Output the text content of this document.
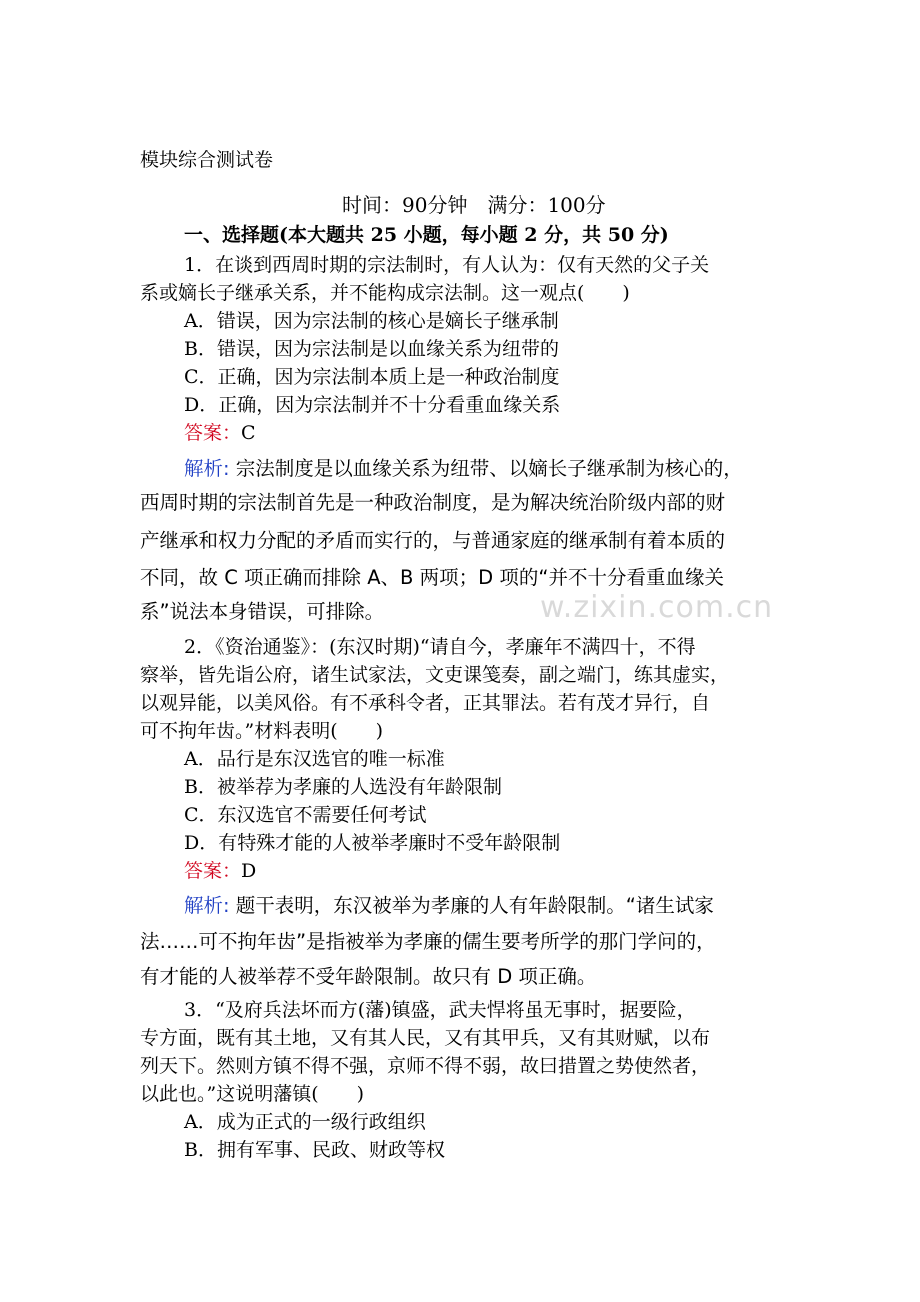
模块综合测试卷
时间：90分钟　满分：100分
一、选择题(本大题共 25 小题，每小题 2 分，共 50 分)
1．在谈到西周时期的宗法制时，有人认为：仅有天然的父子关
系或嫡长子继承关系，并不能构成宗法制。这一观点(　　)
A．错误，因为宗法制的核心是嫡长子继承制
B．错误，因为宗法制是以血缘关系为纽带的
C．正确，因为宗法制本质上是一种政治制度
D．正确，因为宗法制并不十分看重血缘关系
答案：C
解析: 宗法制度是以血缘关系为纽带、以嫡长子继承制为核心的，
西周时期的宗法制首先是一种政治制度，是为解决统治阶级内部的财
产继承和权力分配的矛盾而实行的，与普通家庭的继承制有着本质的
不同，故 C 项正确而排除 A、B 两项；D 项的“并不十分看重血缘关
系”说法本身错误，可排除。
2．《资治通鉴》：(东汉时期)“请自今，孝廉年不满四十，不得
察举，皆先诣公府，诸生试家法，文吏课笺奏，副之端门，练其虚实，
以观异能，以美风俗。有不承科令者，正其罪法。若有茂才异行，自
可不拘年齿。”材料表明(　　)
A．品行是东汉选官的唯一标准
B．被举荐为孝廉的人选没有年龄限制
C．东汉选官不需要任何考试
D．有特殊才能的人被举孝廉时不受年龄限制
答案：D
解析: 题干表明，东汉被举为孝廉的人有年龄限制。“诸生试家
法……可不拘年齿”是指被举为孝廉的儒生要考所学的那门学问的，
有才能的人被举荐不受年龄限制。故只有 D 项正确。
3．“及府兵法坏而方(藩)镇盛，武夫悍将虽无事时，据要险，
专方面，既有其土地，又有其人民，又有其甲兵，又有其财赋，以布
列天下。然则方镇不得不强，京师不得不弱，故曰措置之势使然者，
以此也。”这说明藩镇(　　)
A．成为正式的一级行政组织
B．拥有军事、民政、财政等权
w.zixin.com.cn
